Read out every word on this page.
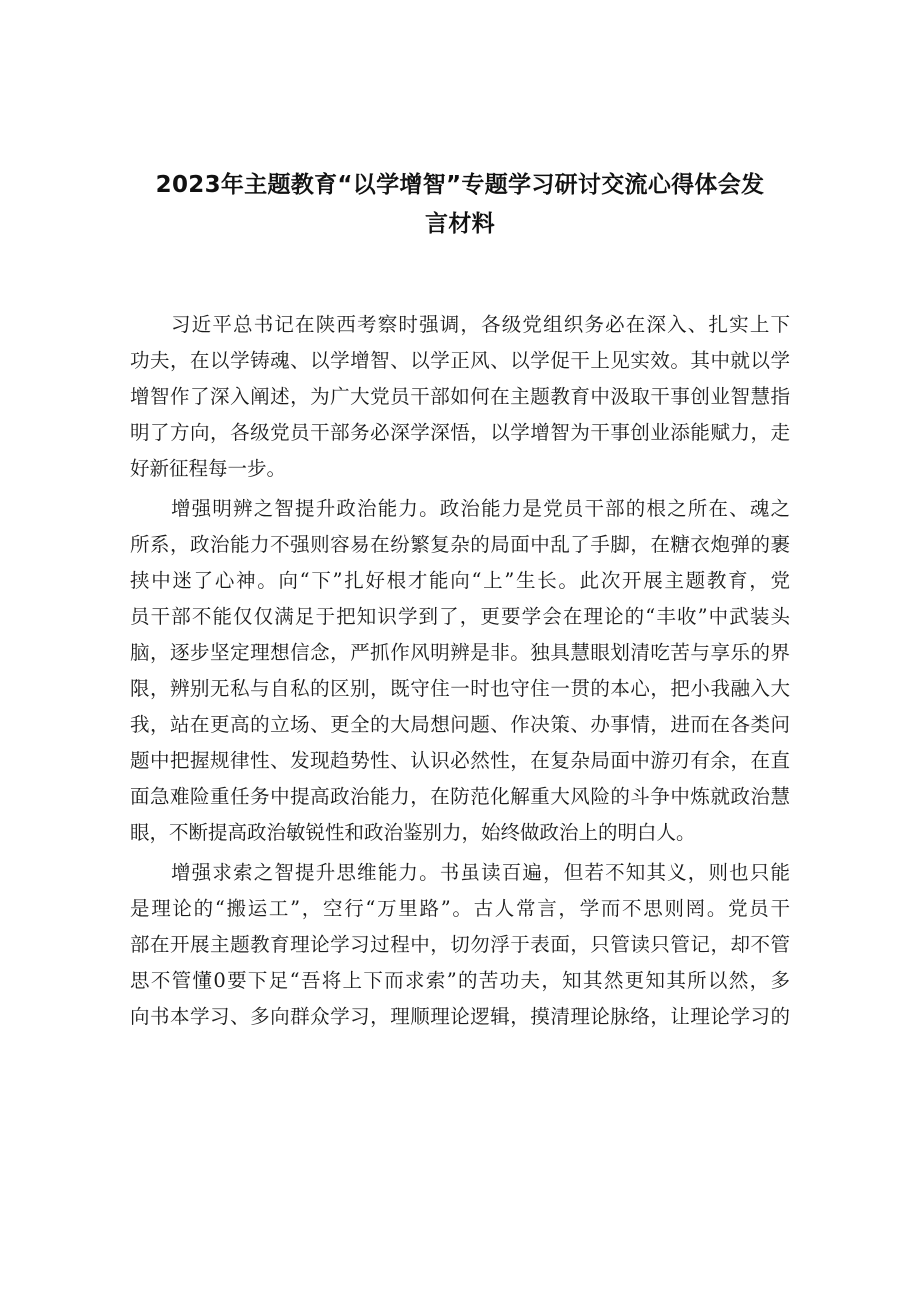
2023年主题教育“以学增智”专题学习研讨交流心得体会发
言材料
习近平总书记在陕西考察时强调，各级党组织务必在深入、扎实上下
功夫，在以学铸魂、以学增智、以学正风、以学促干上见实效。其中就以学
增智作了深入阐述，为广大党员干部如何在主题教育中汲取干事创业智慧指
明了方向，各级党员干部务必深学深悟，以学增智为干事创业添能赋力，走
好新征程每一步。
增强明辨之智提升政治能力。政治能力是党员干部的根之所在、魂之
所系，政治能力不强则容易在纷繁复杂的局面中乱了手脚，在糖衣炮弹的裹
挟中迷了心神。向“下”扎好根才能向“上”生长。此次开展主题教育，党
员干部不能仅仅满足于把知识学到了，更要学会在理论的“丰收”中武装头
脑，逐步坚定理想信念，严抓作风明辨是非。独具慧眼划清吃苦与享乐的界
限，辨别无私与自私的区别，既守住一时也守住一贯的本心，把小我融入大
我，站在更高的立场、更全的大局想问题、作决策、办事情，进而在各类问
题中把握规律性、发现趋势性、认识必然性，在复杂局面中游刃有余，在直
面急难险重任务中提高政治能力，在防范化解重大风险的斗争中炼就政治慧
眼，不断提高政治敏锐性和政治鉴别力，始终做政治上的明白人。
增强求索之智提升思维能力。书虽读百遍，但若不知其义，则也只能
是理论的“搬运工”，空行“万里路”。古人常言，学而不思则罔。党员干
部在开展主题教育理论学习过程中，切勿浮于表面，只管读只管记，却不管
思不管懂0要下足“吾将上下而求索”的苦功夫，知其然更知其所以然，多
向书本学习、多向群众学习，理顺理论逻辑，摸清理论脉络，让理论学习的
